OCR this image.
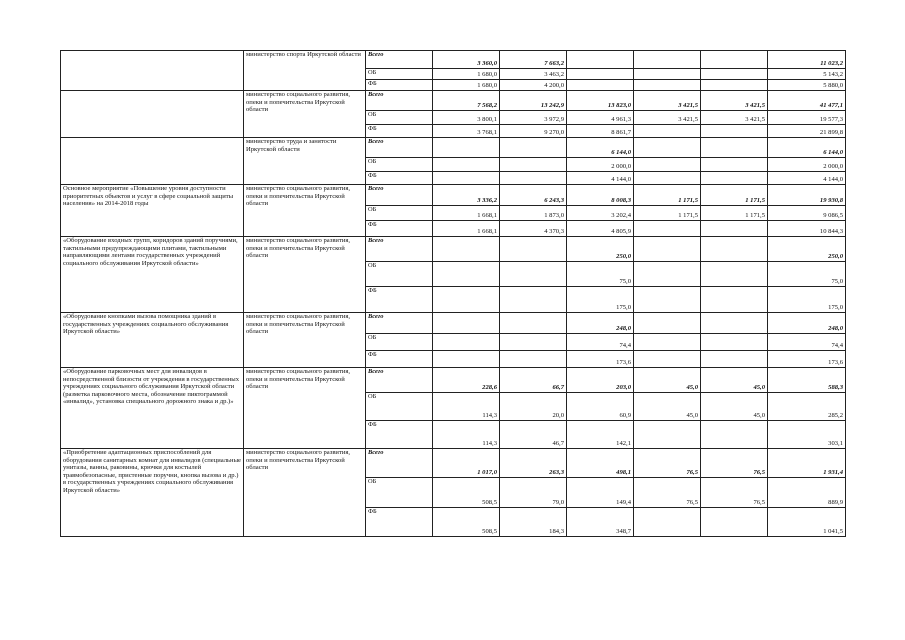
	министерство спорта Иркутской области	Всего	3 360,0	7 663,2				11 023,2
		ОБ	1 680,0	3 463,2				5 143,2
		ФБ	1 680,0	4 200,0				5 880,0
	министерство социального развития, опеки и попечительства Иркутской области	Всего	7 568,2	13 242,9	13 823,0	3 421,5	3 421,5	41 477,1
		ОБ	3 800,1	3 972,9	4 961,3	3 421,5	3 421,5	19 577,3
		ФБ	3 768,1	9 270,0	8 861,7			21 899,8
	министерство труда и занятости Иркутской области	Всего			6 144,0			6 144,0
		ОБ			2 000,0			2 000,0
		ФБ			4 144,0			4 144,0
Основное мероприятие «Повышение уровня доступности приоритетных объектов и услуг в сфере социальной защиты населения» на 2014-2018 годы	министерство социального развития, опеки и попечительства Иркутской области	Всего	3 336,2	6 243,3	8 008,3	1 171,5	1 171,5	19 930,8
		ОБ	1 668,1	1 873,0	3 202,4	1 171,5	1 171,5	9 086,5
		ФБ	1 668,1	4 370,3	4 805,9			10 844,3
«Оборудование входных групп, коридоров зданий поручнями, тактильными предупреждающими плитами, тактильными направляющими лентами государственных учреждений социального обслуживания Иркутской области»	министерство социального развития, опеки и попечительства Иркутской области	Всего			250,0			250,0
		ОБ			75,0			75,0
		ФБ			175,0			175,0
«Оборудование кнопками вызова помощника зданий в государственных учреждениях социального обслуживания Иркутской области»	министерство социального развития, опеки и попечительства Иркутской области	Всего			248,0			248,0
		ОБ			74,4			74,4
		ФБ			173,6			173,6
«Оборудование парковочных мест для инвалидов в непосредственной близости от учреждения в государственных учреждениях социального обслуживания Иркутской области (разметка парковочного места, обозначение пиктограммой «инвалид», установка специального дорожного знака и др.)»	министерство социального развития, опеки и попечительства Иркутской области	Всего	228,6	66,7	203,0	45,0	45,0	588,3
		ОБ	114,3	20,0	60,9	45,0	45,0	285,2
		ФБ	114,3	46,7	142,1			303,1
«Приобретение адаптационных приспособлений для оборудования санитарных комнат для инвалидов (специальные унитазы, ванны, раковины, крючки для костылей травмобезопасные, пристенные поручни, кнопка вызова и др.) в государственных учреждениях социального обслуживания Иркутской области»	министерство социального развития, опеки и попечительства Иркутской области	Всего	1 017,0	263,3	498,1	76,5	76,5	1 931,4
		ОБ	508,5	79,0	149,4	76,5	76,5	889,9
		ФБ	508,5	184,3	348,7			1 041,5
